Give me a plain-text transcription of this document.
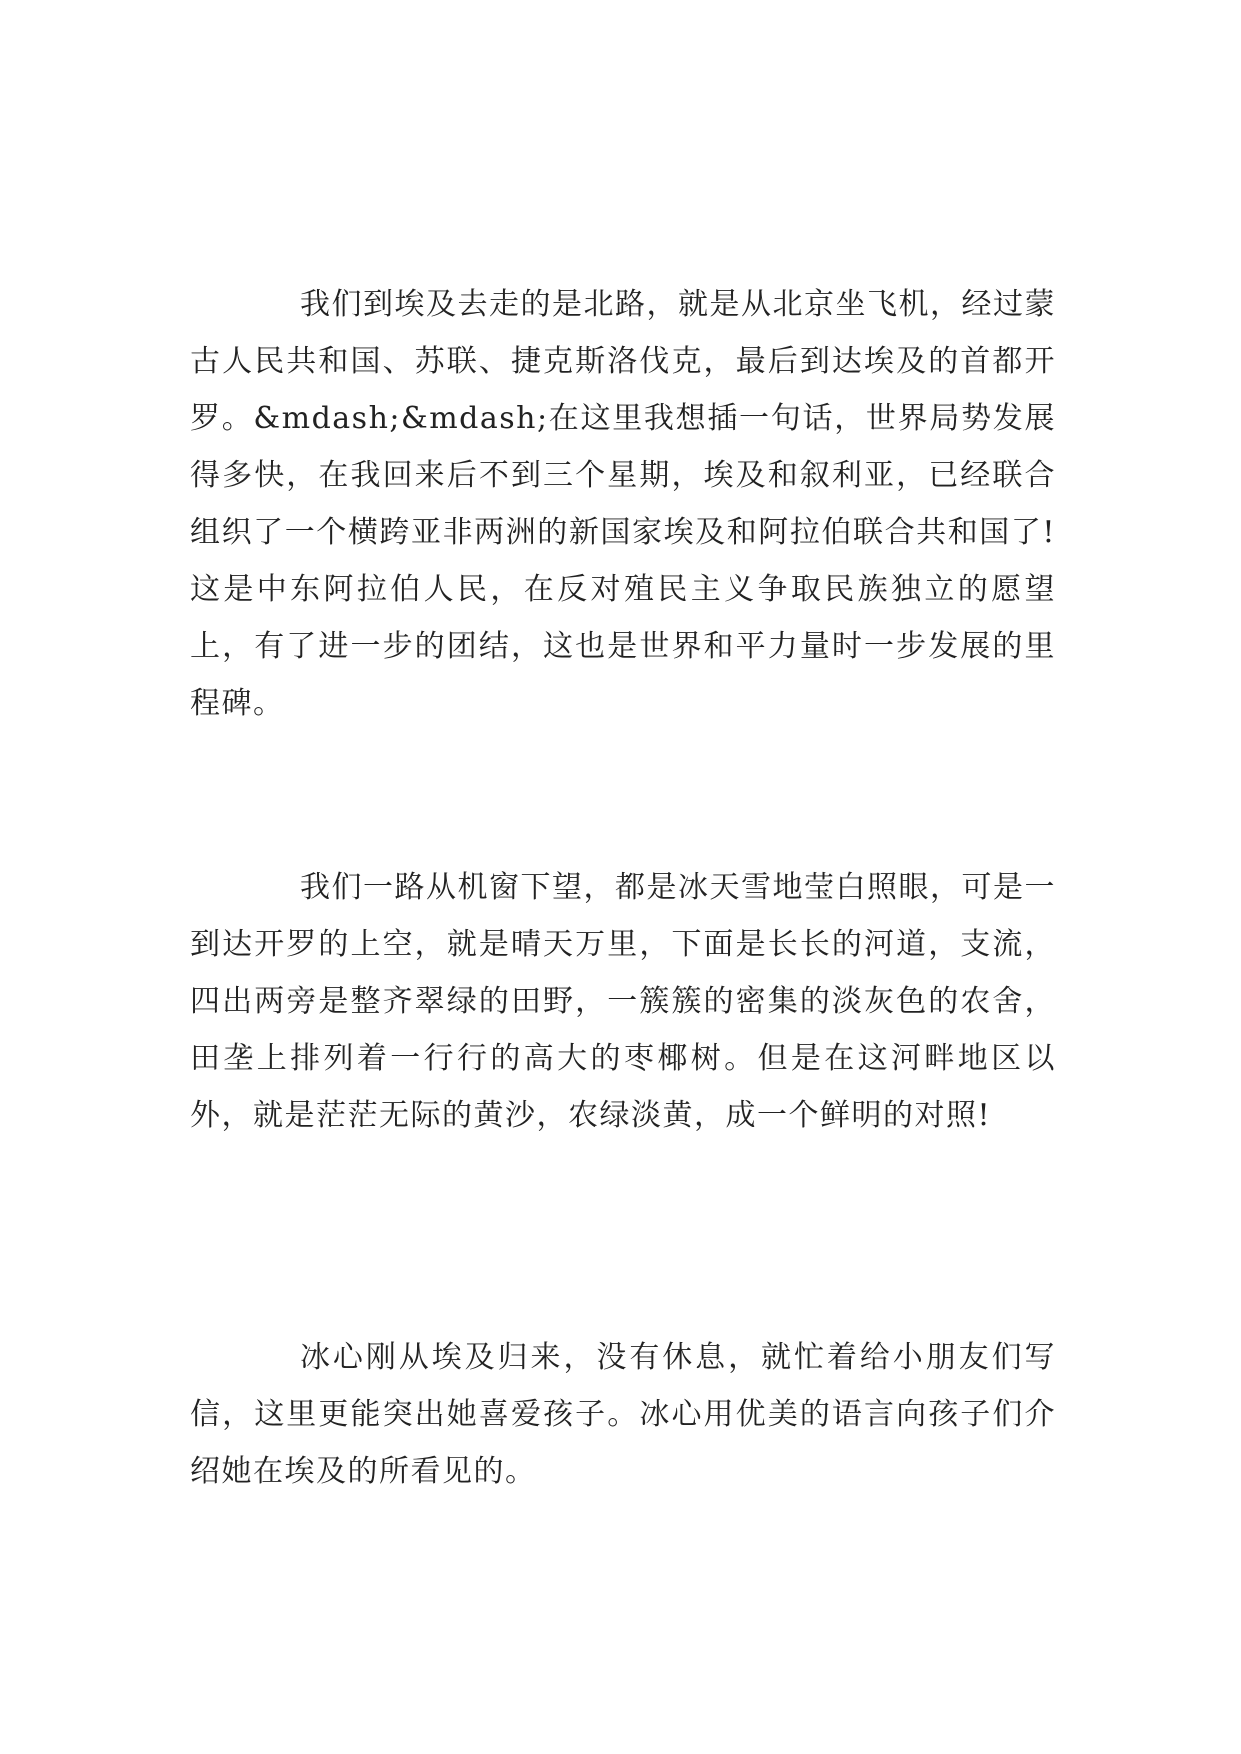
我们到埃及去走的是北路，就是从北京坐飞机，经过蒙古人民共和国、苏联、捷克斯洛伐克，最后到达埃及的首都开罗。&mdash;&mdash;在这里我想插一句话，世界局势发展得多快，在我回来后不到三个星期，埃及和叙利亚，已经联合组织了一个横跨亚非两洲的新国家埃及和阿拉伯联合共和国了!这是中东阿拉伯人民，在反对殖民主义争取民族独立的愿望上，有了进一步的团结，这也是世界和平力量时一步发展的里程碑。

我们一路从机窗下望，都是冰天雪地莹白照眼，可是一到达开罗的上空，就是晴天万里，下面是长长的河道，支流，四出两旁是整齐翠绿的田野，一簇簇的密集的淡灰色的农舍，田垄上排列着一行行的高大的枣椰树。但是在这河畔地区以外，就是茫茫无际的黄沙，农绿淡黄，成一个鲜明的对照!

冰心刚从埃及归来，没有休息，就忙着给小朋友们写信，这里更能突出她喜爱孩子。冰心用优美的语言向孩子们介绍她在埃及的所看见的。
